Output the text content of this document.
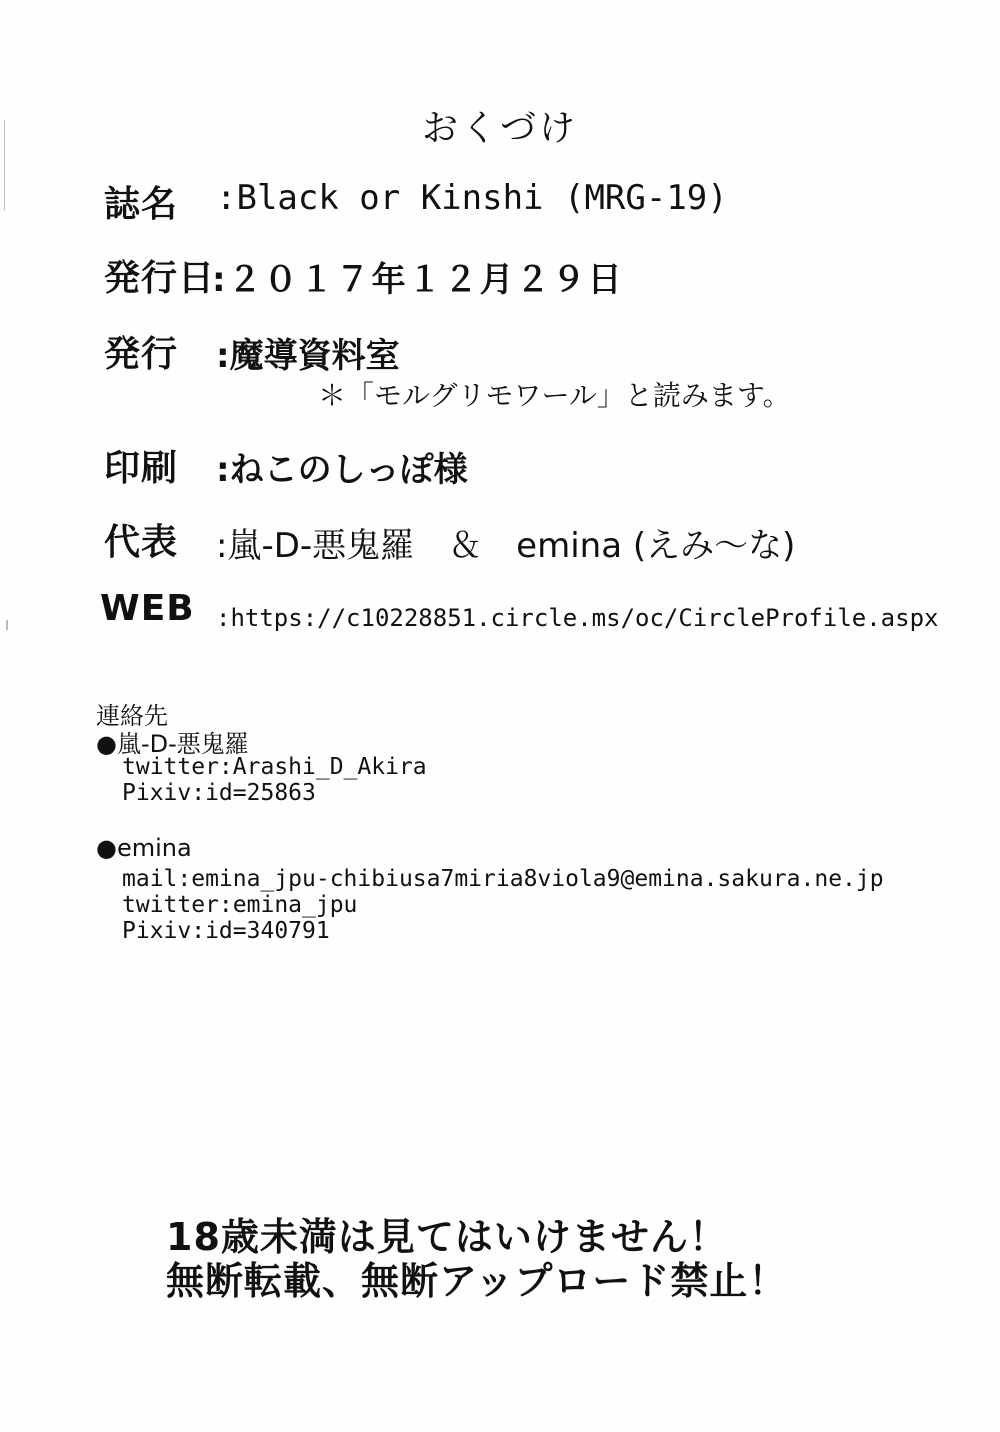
おくづけ
誌名 :Black or Kinshi (MRG-19)
発行日
:２０１７年１２月２９日
発行 :魔導資料室
＊「モルグリモワール」と読みます。
印刷 :ねこのしっぽ様
代表 :嵐-D-悪鬼羅　＆　emina (えみ～な)
WEB :https://c10228851.circle.ms/oc/CircleProfile.aspx
連絡先
●嵐-D-悪鬼羅
twitter:Arashi_D_Akira
Pixiv:id=25863
●emina
mail:emina_jpu-chibiusa7miria8viola9@emina.sakura.ne.jp
twitter:emina_jpu
Pixiv:id=340791
18歳未満は見てはいけません！
無断転載、無断アップロード禁止！
